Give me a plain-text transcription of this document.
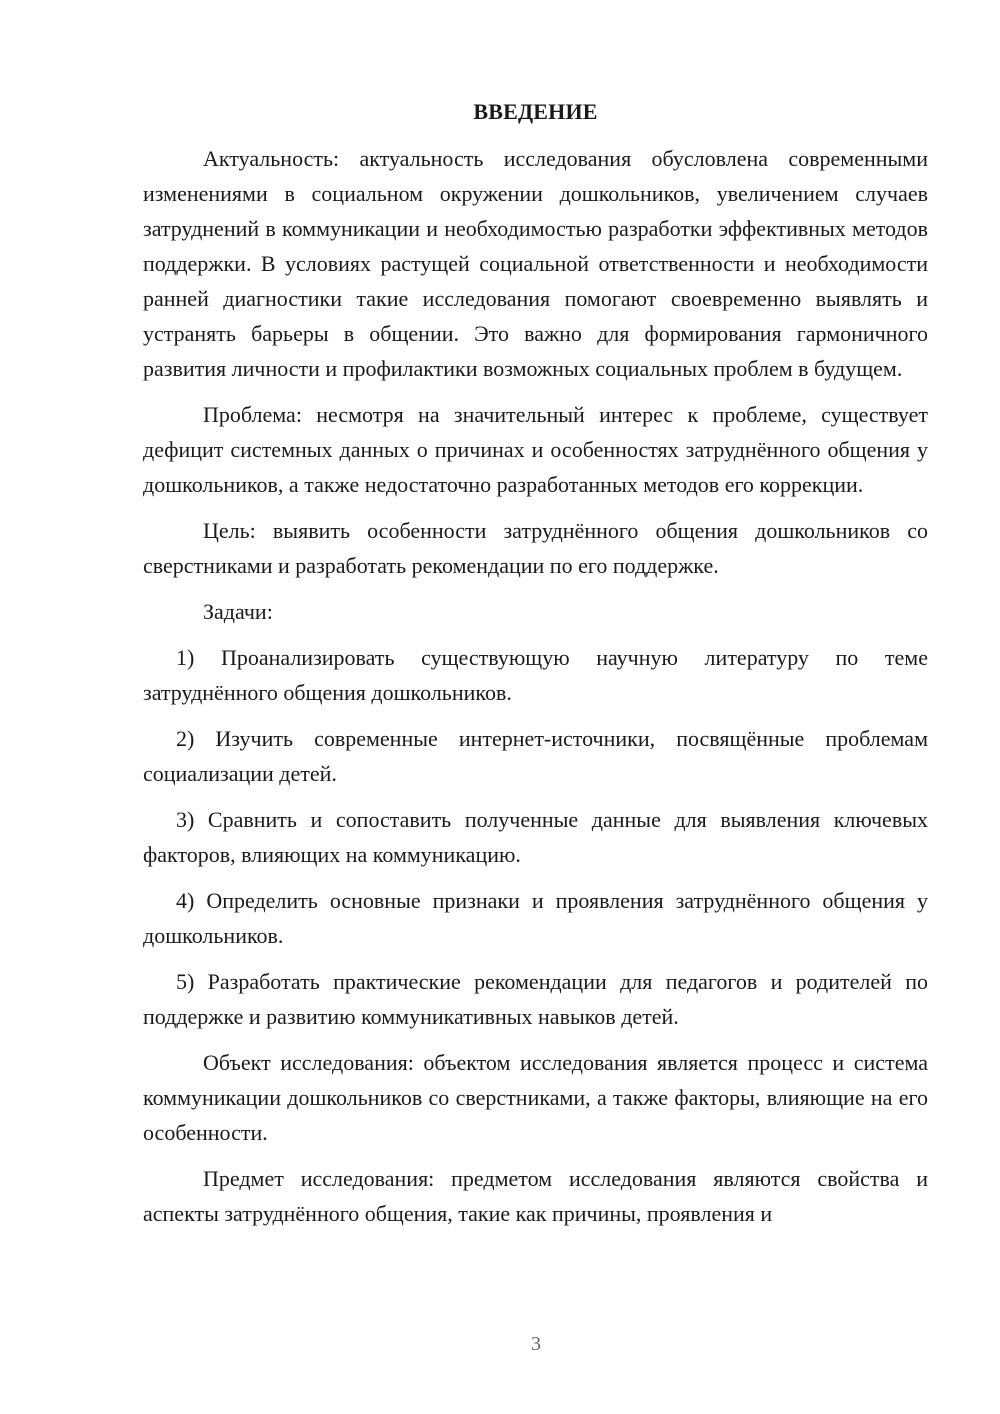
ВВЕДЕНИЕ

Актуальность: актуальность исследования обусловлена современными изменениями в социальном окружении дошкольников, увеличением случаев затруднений в коммуникации и необходимостью разработки эффективных методов поддержки. В условиях растущей социальной ответственности и необходимости ранней диагностики такие исследования помогают своевременно выявлять и устранять барьеры в общении. Это важно для формирования гармоничного развития личности и профилактики возможных социальных проблем в будущем.

Проблема: несмотря на значительный интерес к проблеме, существует дефицит системных данных о причинах и особенностях затруднённого общения у дошкольников, а также недостаточно разработанных методов его коррекции.

Цель: выявить особенности затруднённого общения дошкольников со сверстниками и разработать рекомендации по его поддержке.

Задачи:

1) Проанализировать существующую научную литературу по теме затруднённого общения дошкольников.

2) Изучить современные интернет-источники, посвящённые проблемам социализации детей.

3) Сравнить и сопоставить полученные данные для выявления ключевых факторов, влияющих на коммуникацию.

4) Определить основные признаки и проявления затруднённого общения у дошкольников.

5) Разработать практические рекомендации для педагогов и родителей по поддержке и развитию коммуникативных навыков детей.

Объект исследования: объектом исследования является процесс и система коммуникации дошкольников со сверстниками, а также факторы, влияющие на его особенности.

Предмет исследования: предметом исследования являются свойства и аспекты затруднённого общения, такие как причины, проявления и

3
